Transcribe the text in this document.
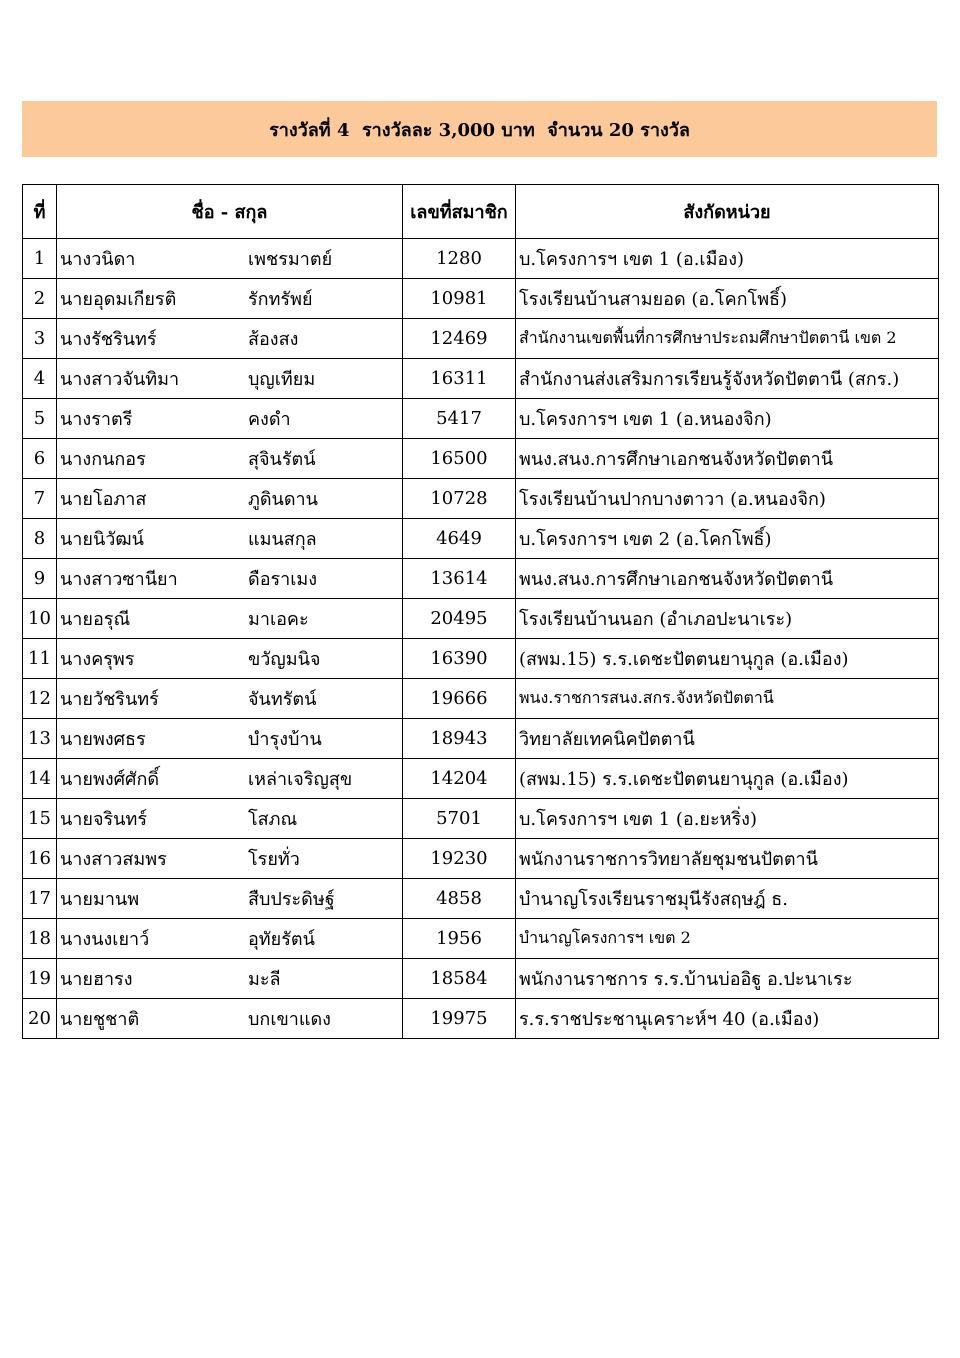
รางวัลที่ 4  รางวัลละ 3,000 บาท  จำนวน 20 รางวัล
ที่	ชื่อ - สกุล	เลขที่สมาชิก	สังกัดหน่วย
1	นางวนิดา เพชรมาตย์	1280	บ.โครงการฯ เขต 1 (อ.เมือง)
2	นายอุดมเกียรติ รักทรัพย์	10981	โรงเรียนบ้านสามยอด (อ.โคกโพธิ์)
3	นางรัชรินทร์ ส้องสง	12469	สำนักงานเขตพื้นที่การศึกษาประถมศึกษาปัตตานี เขต 2
4	นางสาวจันทิมา บุญเทียม	16311	สำนักงานส่งเสริมการเรียนรู้จังหวัดปัตตานี (สกร.)
5	นางราตรี คงดำ	5417	บ.โครงการฯ เขต 1 (อ.หนองจิก)
6	นางกนกอร สุจินรัตน์	16500	พนง.สนง.การศึกษาเอกชนจังหวัดปัตตานี
7	นายโอภาส ภูดินดาน	10728	โรงเรียนบ้านปากบางตาวา (อ.หนองจิก)
8	นายนิวัฒน์ แมนสกุล	4649	บ.โครงการฯ เขต 2 (อ.โคกโพธิ์)
9	นางสาวซานียา ดือราเมง	13614	พนง.สนง.การศึกษาเอกชนจังหวัดปัตตานี
10	นายอรุณี มาเอคะ	20495	โรงเรียนบ้านนอก (อำเภอปะนาเระ)
11	นางครุพร ขวัญมนิจ	16390	(สพม.15) ร.ร.เดชะปัตตนยานุกูล (อ.เมือง)
12	นายวัชรินทร์ จันทรัตน์	19666	พนง.ราชการสนง.สกร.จังหวัดปัตตานี
13	นายพงศธร บำรุงบ้าน	18943	วิทยาลัยเทคนิคปัตตานี
14	นายพงศ์ศักดิ์ เหล่าเจริญสุข	14204	(สพม.15) ร.ร.เดชะปัตตนยานุกูล (อ.เมือง)
15	นายจรินทร์ โสภณ	5701	บ.โครงการฯ เขต 1 (อ.ยะหริ่ง)
16	นางสาวสมพร โรยทั่ว	19230	พนักงานราชการวิทยาลัยชุมชนปัตตานี
17	นายมานพ สืบประดิษฐ์	4858	บำนาญโรงเรียนราชมุนีรังสฤษฎ์ ธ.
18	นางนงเยาว์ อุทัยรัตน์	1956	บำนาญโครงการฯ เขต 2
19	นายฮารง มะลี	18584	พนักงานราชการ ร.ร.บ้านบ่ออิฐู อ.ปะนาเระ
20	นายชูชาติ บกเขาแดง	19975	ร.ร.ราชประชานุเคราะห์ฯ 40 (อ.เมือง)
